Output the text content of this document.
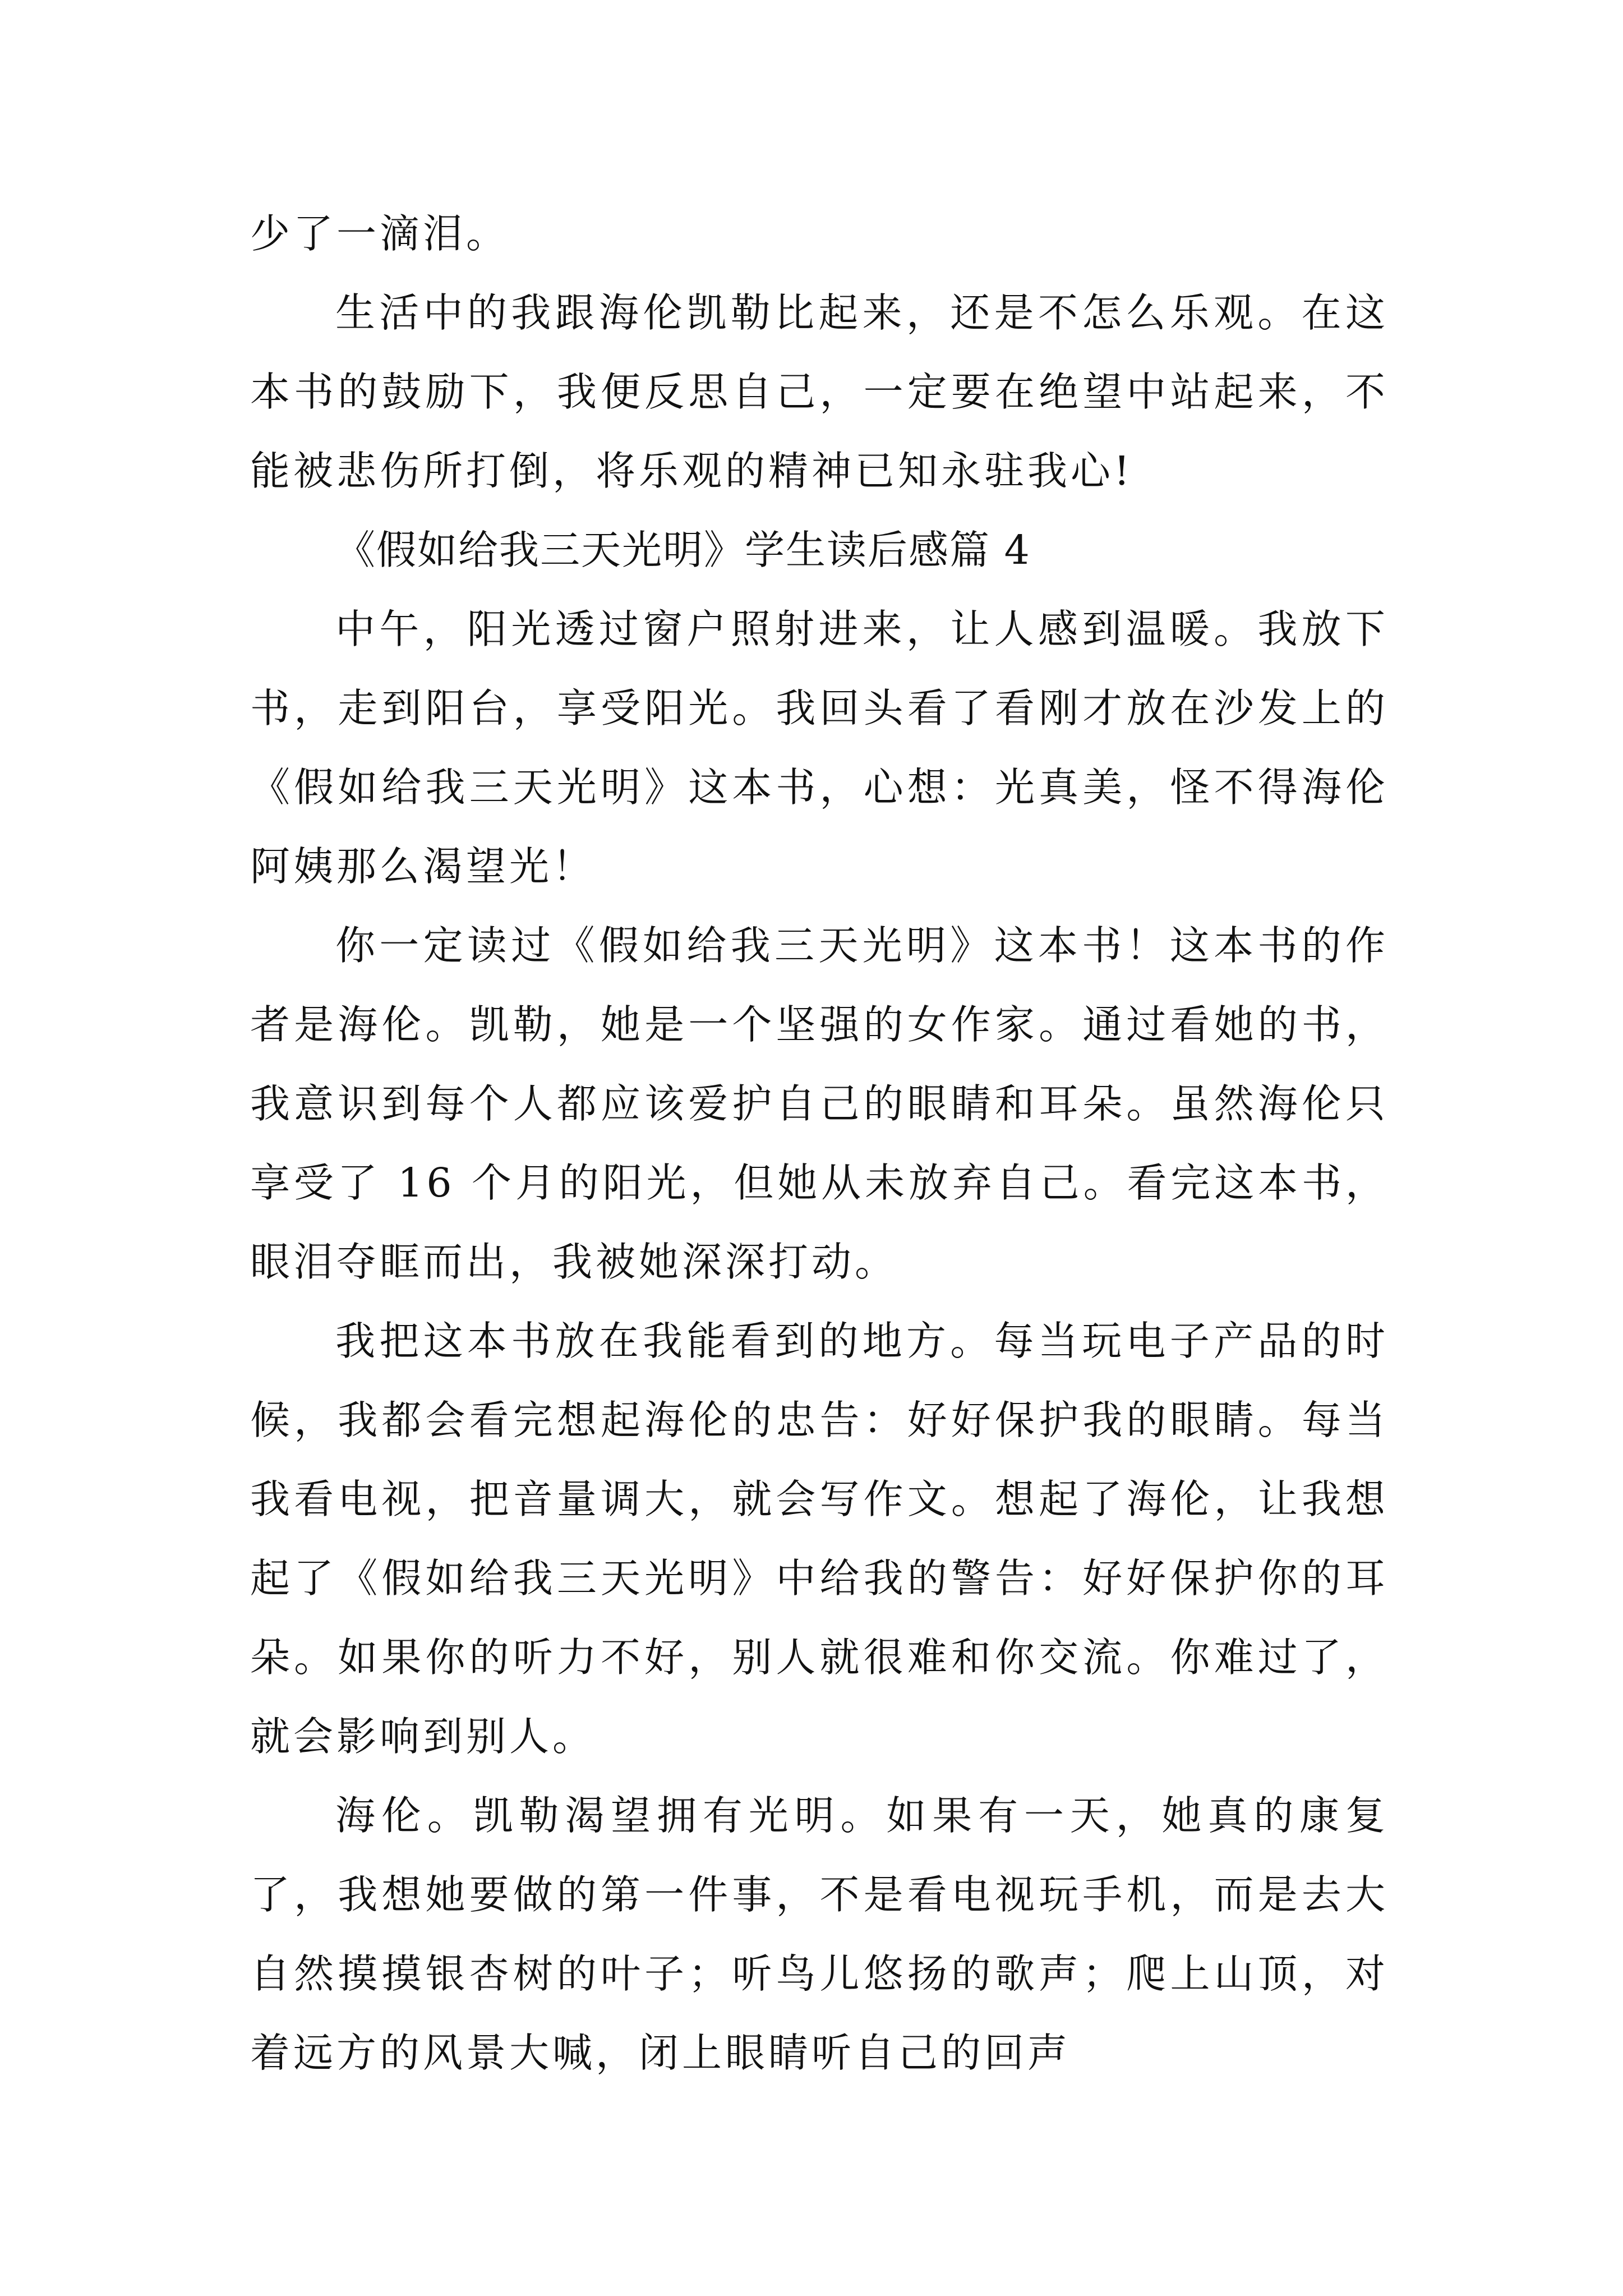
少了一滴泪。

生活中的我跟海伦凯勒比起来，还是不怎么乐观。在这本书的鼓励下，我便反思自己，一定要在绝望中站起来，不能被悲伤所打倒，将乐观的精神已知永驻我心!

《假如给我三天光明》学生读后感篇 4

中午，阳光透过窗户照射进来，让人感到温暖。我放下书，走到阳台，享受阳光。我回头看了看刚才放在沙发上的《假如给我三天光明》这本书，心想：光真美，怪不得海伦阿姨那么渴望光！

你一定读过《假如给我三天光明》这本书！这本书的作者是海伦。凯勒，她是一个坚强的女作家。通过看她的书，我意识到每个人都应该爱护自己的眼睛和耳朵。虽然海伦只享受了 16 个月的阳光，但她从未放弃自己。看完这本书，眼泪夺眶而出，我被她深深打动。

我把这本书放在我能看到的地方。每当玩电子产品的时候，我都会看完想起海伦的忠告：好好保护我的眼睛。每当我看电视，把音量调大，就会写作文。想起了海伦，让我想起了《假如给我三天光明》中给我的警告：好好保护你的耳朵。如果你的听力不好，别人就很难和你交流。你难过了，就会影响到别人。

海伦。凯勒渴望拥有光明。如果有一天，她真的康复了，我想她要做的第一件事，不是看电视玩手机，而是去大自然摸摸银杏树的叶子；听鸟儿悠扬的歌声；爬上山顶，对着远方的风景大喊，闭上眼睛听自己的回声
